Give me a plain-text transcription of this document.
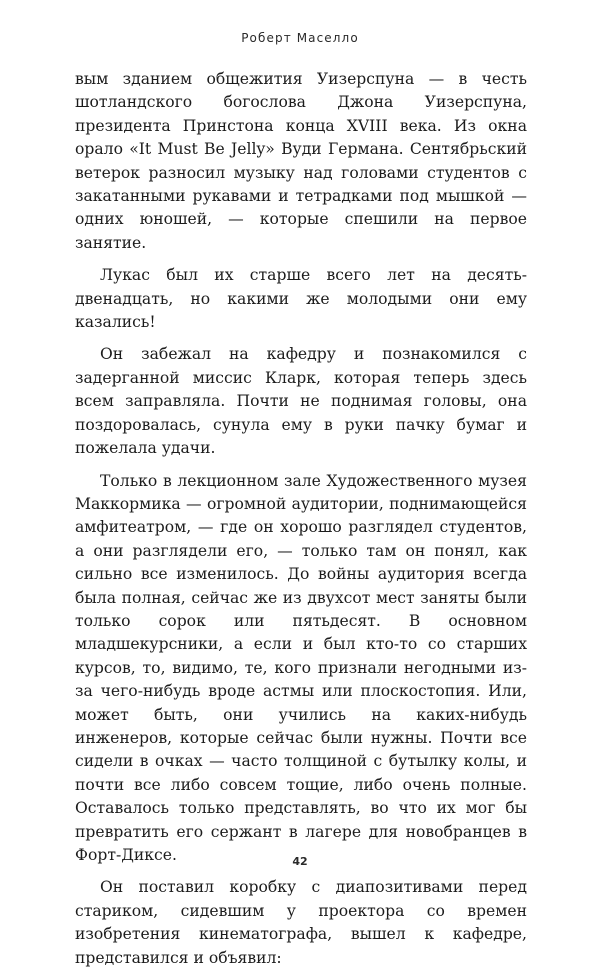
Роберт Маселло

вым зданием общежития Уизерспуна — в честь шотландского богослова Джона Уизерспуна, президента Принстона конца XVIII века. Из окна орало «It Must Be Jelly» Вуди Германа. Сентябрьский ветерок разносил музыку над головами студентов с закатанными рукавами и тетрадками под мышкой — одних юношей, — которые спешили на первое занятие.

Лукас был их старше всего лет на десять-двенадцать, но какими же молодыми они ему казались!

Он забежал на кафедру и познакомился с задерганной миссис Кларк, которая теперь здесь всем заправляла. Почти не поднимая головы, она поздоровалась, сунула ему в руки пачку бумаг и пожелала удачи.

Только в лекционном зале Художественного музея Маккормика — огромной аудитории, поднимающейся амфитеатром, — где он хорошо разглядел студентов, а они разглядели его, — только там он понял, как сильно все изменилось. До войны аудитория всегда была полная, сейчас же из двухсот мест заняты были только сорок или пятьдесят. В основном младшекурсники, а если и был кто-то со старших курсов, то, видимо, те, кого признали негодными из-за чего-нибудь вроде астмы или плоскостопия. Или, может быть, они учились на каких-нибудь инженеров, которые сейчас были нужны. Почти все сидели в очках — часто толщиной с бутылку колы, и почти все либо совсем тощие, либо очень полные. Оставалось только представлять, во что их мог бы превратить его сержант в лагере для новобранцев в Форт-Диксе.

Он поставил коробку с диапозитивами перед стариком, сидевшим у проектора со времен изобретения кинематографа, вышел к кафедре, представился и объявил:

42
